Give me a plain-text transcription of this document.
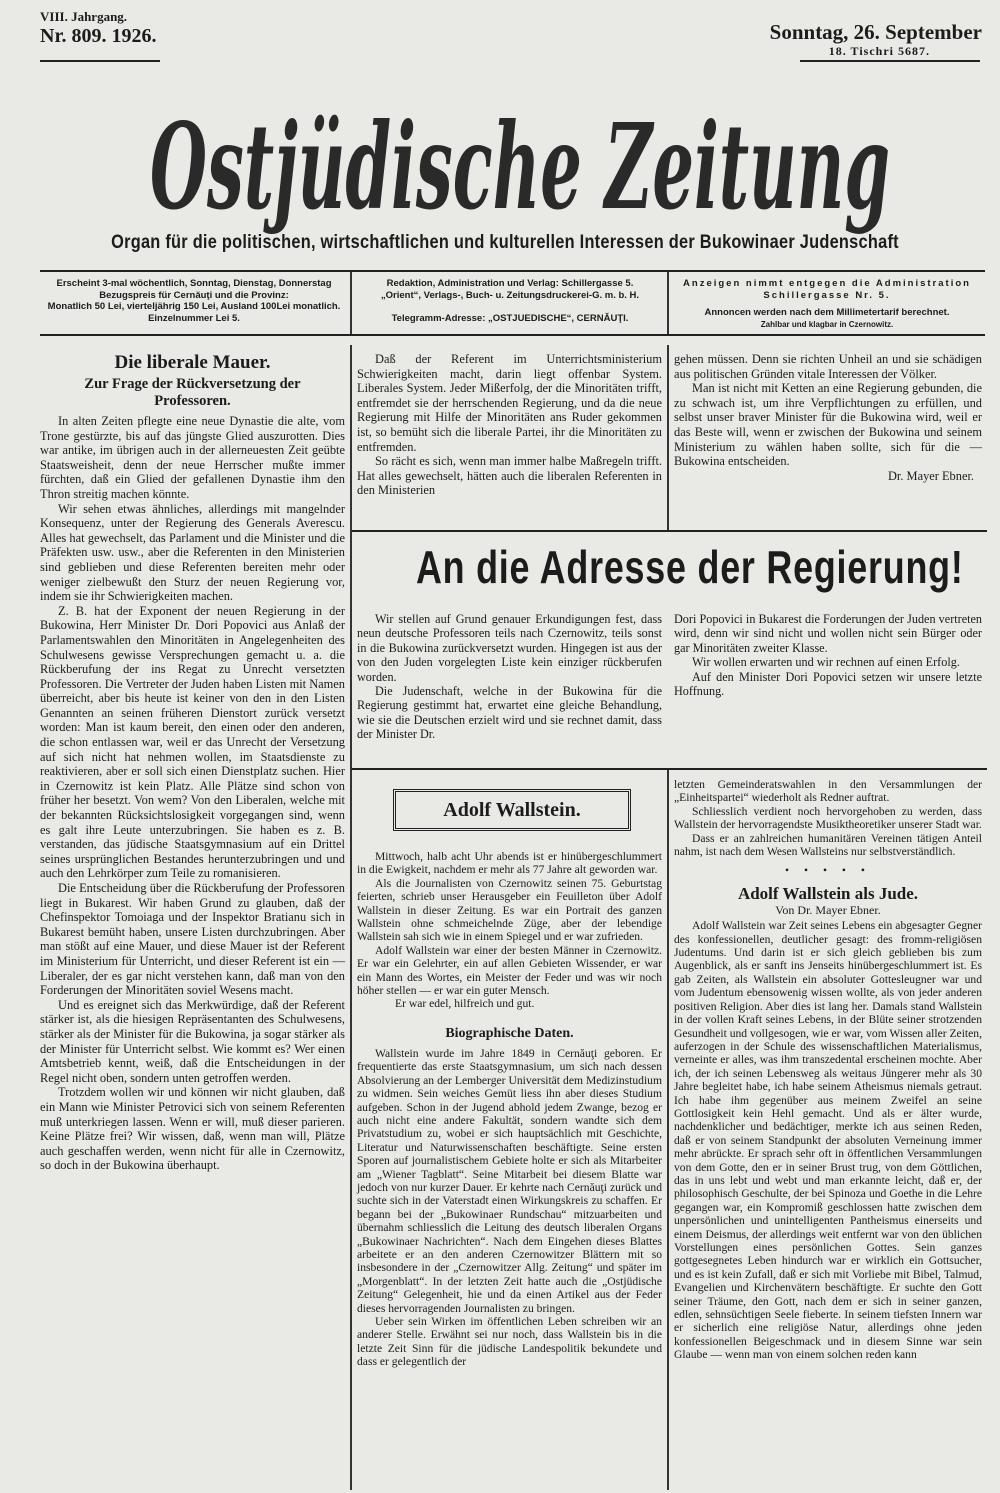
VIII. Jahrgang.
Nr. 809. 1926.	Sonntag, 26. September
18. Tischri 5687.
Ostjüdische Zeitung
Organ für die politischen, wirtschaftlichen und kulturellen Interessen der Bukowinaer Judenschaft
Erscheint 3-mal wöchentlich, Sonntag, Dienstag, Donnerstag
Bezugspreis für Cernăuţi und die Provinz:
Monatlich 50 Lei, vierteljährig 150 Lei, Ausland 100Lei monatlich.
Einzelnummer Lei 5.
Redaktion, Administration und Verlag: Schillergasse 5.
„Orient“, Verlags-, Buch- u. Zeitungsdruckerei-G. m. b. H.
Telegramm-Adresse: „OSTJUEDISCHE“, CERNĂUŢI.
Anzeigen nimmt entgegen die Administration
Schillergasse Nr. 5.
Annoncen werden nach dem Millimetertarif berechnet.
Zahlbar und klagbar in Czernowitz.
Die liberale Mauer.
Zur Frage der Rückversetzung der Professoren.

In alten Zeiten pflegte eine neue Dynastie die alte, vom Trone gestürzte, bis auf das jüngste Glied auszurotten. Dies war antike, im übrigen auch in der allerneuesten Zeit geübte Staatsweisheit, denn der neue Herrscher mußte immer fürchten, daß ein Glied der gefallenen Dynastie ihm den Thron streitig machen könnte.

Wir sehen etwas ähnliches, allerdings mit mangelnder Konsequenz, unter der Regierung des Generals Averescu. Alles hat gewechselt, das Parlament und die Minister und die Präfekten usw. usw., aber die Referenten in den Ministerien sind geblieben und diese Referenten bereiten mehr oder weniger zielbewußt den Sturz der neuen Regierung vor, indem sie ihr Schwierigkeiten machen.

Z. B. hat der Exponent der neuen Regierung in der Bukowina, Herr Minister Dr. Dori Popovici aus Anlaß der Parlamentswahlen den Minoritäten in Angelegenheiten des Schulwesens gewisse Versprechungen gemacht u. a. die Rückberufung der ins Regat zu Unrecht versetzten Professoren. Die Vertreter der Juden haben Listen mit Namen überreicht, aber bis heute ist keiner von den in den Listen Genannten an seinen früheren Dienstort zurück versetzt worden: Man ist kaum bereit, den einen oder den anderen, die schon entlassen war, weil er das Unrecht der Versetzung auf sich nicht hat nehmen wollen, im Staatsdienste zu reaktivieren, aber er soll sich einen Dienstplatz suchen. Hier in Czernowitz ist kein Platz. Alle Plätze sind schon von früher her besetzt. Von wem? Von den Liberalen, welche mit der bekannten Rücksichtslosigkeit vorgegangen sind, wenn es galt ihre Leute unterzubringen. Sie haben es z. B. verstanden, das jüdische Staatsgymnasium auf ein Drittel seines ursprünglichen Bestandes herunterzubringen und und auch den Lehrkörper zum Teile zu romanisieren.

Die Entscheidung über die Rückberufung der Professoren liegt in Bukarest. Wir haben Grund zu glauben, daß der Chefinspektor Tomoiaga und der Inspektor Bratianu sich in Bukarest bemüht haben, unsere Listen durchzubringen. Aber man stößt auf eine Mauer, und diese Mauer ist der Referent im Ministerium für Unterricht, und dieser Referent ist ein — Liberaler, der es gar nicht verstehen kann, daß man von den Forderungen der Minoritäten soviel Wesens macht.

Und es ereignet sich das Merkwürdige, daß der Referent stärker ist, als die hiesigen Repräsentanten des Schulwesens, stärker als der Minister für die Bukowina, ja sogar stärker als der Minister für Unterricht selbst. Wie kommt es? Wer einen Amtsbetrieb kennt, weiß, daß die Entscheidungen in der Regel nicht oben, sondern unten getroffen werden.

Trotzdem wollen wir und können wir nicht glauben, daß ein Mann wie Minister Petrovici sich von seinem Referenten muß unterkriegen lassen. Wenn er will, muß dieser parieren. Keine Plätze frei? Wir wissen, daß, wenn man will, Plätze auch geschaffen werden, wenn nicht für alle in Czernowitz, so doch in der Bukowina überhaupt.

Daß der Referent im Unterrichtsministerium Schwierigkeiten macht, darin liegt offenbar System. Liberales System. Jeder Mißerfolg, der die Minoritäten trifft, entfremdet sie der herrschenden Regierung, und da die neue Regierung mit Hilfe der Minoritäten ans Ruder gekommen ist, so bemüht sich die liberale Partei, ihr die Minoritäten zu entfremden.

So rächt es sich, wenn man immer halbe Maßregeln trifft. Hat alles gewechselt, hätten auch die liberalen Referenten in den Ministerien

gehen müssen. Denn sie richten Unheil an und sie schädigen aus politischen Gründen vitale Interessen der Völker.

Man ist nicht mit Ketten an eine Regierung gebunden, die zu schwach ist, um ihre Verpflichtungen zu erfüllen, und selbst unser braver Minister für die Bukowina wird, weil er das Beste will, wenn er zwischen der Bukowina und seinem Ministerium zu wählen haben sollte, sich für die — Bukowina entscheiden.

Dr. Mayer Ebner.
An die Adresse der Regierung!

Wir stellen auf Grund genauer Erkundigungen fest, dass neun deutsche Professoren teils nach Czernowitz, teils sonst in die Bukowina zurückversetzt wurden. Hingegen ist aus der von den Juden vorgelegten Liste kein einziger rückberufen worden.

Die Judenschaft, welche in der Bukowina für die Regierung gestimmt hat, erwartet eine gleiche Behandlung, wie sie die Deutschen erzielt wird und sie rechnet damit, dass der Minister Dr.

Dori Popovici in Bukarest die Forderungen der Juden vertreten wird, denn wir sind nicht und wollen nicht sein Bürger oder gar Minoritäten zweiter Klasse.

Wir wollen erwarten und wir rechnen auf einen Erfolg.

Auf den Minister Dori Popovici setzen wir unsere letzte Hoffnung.

Adolf Wallstein.

Mittwoch, halb acht Uhr abends ist er hinübergeschlummert in die Ewigkeit, nachdem er mehr als 77 Jahre alt geworden war.

Als die Journalisten von Czernowitz seinen 75. Geburtstag feierten, schrieb unser Herausgeber ein Feuilleton über Adolf Wallstein in dieser Zeitung. Es war ein Portrait des ganzen Wallstein ohne schmeichelnde Züge, aber der lebendige Wallstein sah sich wie in einem Spiegel und er war zufrieden.

Adolf Wallstein war einer der besten Männer in Czernowitz. Er war ein Gelehrter, ein auf allen Gebieten Wissender, er war ein Mann des Wortes, ein Meister der Feder und was wir noch höher stellen — er war ein guter Mensch.

Er war edel, hilfreich und gut.

Biographische Daten.

Wallstein wurde im Jahre 1849 in Cernăuţi geboren. Er frequentierte das erste Staatsgymnasium, um sich nach dessen Absolvierung an der Lemberger Universität dem Medizinstudium zu widmen. Sein weiches Gemüt liess ihn aber dieses Studium aufgeben. Schon in der Jugend abhold jedem Zwange, bezog er auch nicht eine andere Fakultät, sondern wandte sich dem Privatstudium zu, wobei er sich hauptsächlich mit Geschichte, Literatur und Naturwissenschaften beschäftigte. Seine ersten Sporen auf journalistischem Gebiete holte er sich als Mitarbeiter am „Wiener Tagblatt“. Seine Mitarbeit bei diesem Blatte war jedoch von nur kurzer Dauer. Er kehrte nach Cernăuţi zurück und suchte sich in der Vaterstadt einen Wirkungskreis zu schaffen. Er begann bei der „Bukowinaer Rundschau“ mitzuarbeiten und übernahm schliesslich die Leitung des deutsch liberalen Organs „Bukowinaer Nachrichten“. Nach dem Eingehen dieses Blattes arbeitete er an den anderen Czernowitzer Blättern mit so insbesondere in der „Czernowitzer Allg. Zeitung“ und später im „Morgenblatt“. In der letzten Zeit hatte auch die „Ostjüdische Zeitung“ Gelegenheit, hie und da einen Artikel aus der Feder dieses hervorragenden Journalisten zu bringen.

Ueber sein Wirken im öffentlichen Leben schreiben wir an anderer Stelle. Erwähnt sei nur noch, dass Wallstein bis in die letzte Zeit Sinn für die jüdische Landespolitik bekundete und dass er gelegentlich der

letzten Gemeinderatswahlen in den Versammlungen der „Einheitspartei“ wiederholt als Redner auftrat.

Schliesslich verdient noch hervorgehoben zu werden, dass Wallstein der hervorragendste Musiktheoretiker unserer Stadt war.

Dass er an zahlreichen humanitären Vereinen tätigen Anteil nahm, ist nach dem Wesen Wallsteins nur selbstverständlich.

• • • • •
Adolf Wallstein als Jude.
Von Dr. Mayer Ebner.

Adolf Wallstein war Zeit seines Lebens ein abgesagter Gegner des konfessionellen, deutlicher gesagt: des fromm-religiösen Judentums. Und darin ist er sich gleich geblieben bis zum Augenblick, als er sanft ins Jenseits hinübergeschlummert ist. Es gab Zeiten, als Wallstein ein absoluter Gottesleugner war und vom Judentum ebensowenig wissen wollte, als von jeder anderen positiven Religion. Aber dies ist lang her. Damals stand Wallstein in der vollen Kraft seines Lebens, in der Blüte seiner strotzenden Gesundheit und vollgesogen, wie er war, vom Wissen aller Zeiten, auferzogen in der Schule des wissenschaftlichen Materialismus, verneinte er alles, was ihm transzedental erscheinen mochte. Aber ich, der ich seinen Lebensweg als weitaus Jüngerer mehr als 30 Jahre begleitet habe, ich habe seinem Atheismus niemals getraut. Ich habe ihm gegenüber aus meinem Zweifel an seine Gottlosigkeit kein Hehl gemacht. Und als er älter wurde, nachdenklicher und bedächtiger, merkte ich aus seinen Reden, daß er von seinem Standpunkt der absoluten Verneinung immer mehr abrückte. Er sprach sehr oft in öffentlichen Versammlungen von dem Gotte, den er in seiner Brust trug, von dem Göttlichen, das in uns lebt und webt und man erkannte leicht, daß er, der philosophisch Geschulte, der bei Spinoza und Goethe in die Lehre gegangen war, ein Kompromiß geschlossen hatte zwischen dem unpersönlichen und unintelligenten Pantheismus einerseits und einem Deismus, der allerdings weit entfernt war von den üblichen Vorstellungen eines persönlichen Gottes. Sein ganzes gottgesegnetes Leben hindurch war er wirklich ein Gottsucher, und es ist kein Zufall, daß er sich mit Vorliebe mit Bibel, Talmud, Evangelien und Kirchenvätern beschäftigte. Er suchte den Gott seiner Träume, den Gott, nach dem er sich in seiner ganzen, edlen, sehnsüchtigen Seele fieberte. In seinem tiefsten Innern war er sicherlich eine religiöse Natur, allerdings ohne jeden konfessionellen Beigeschmack und in diesem Sinne war sein Glaube — wenn man von einem solchen reden kann
